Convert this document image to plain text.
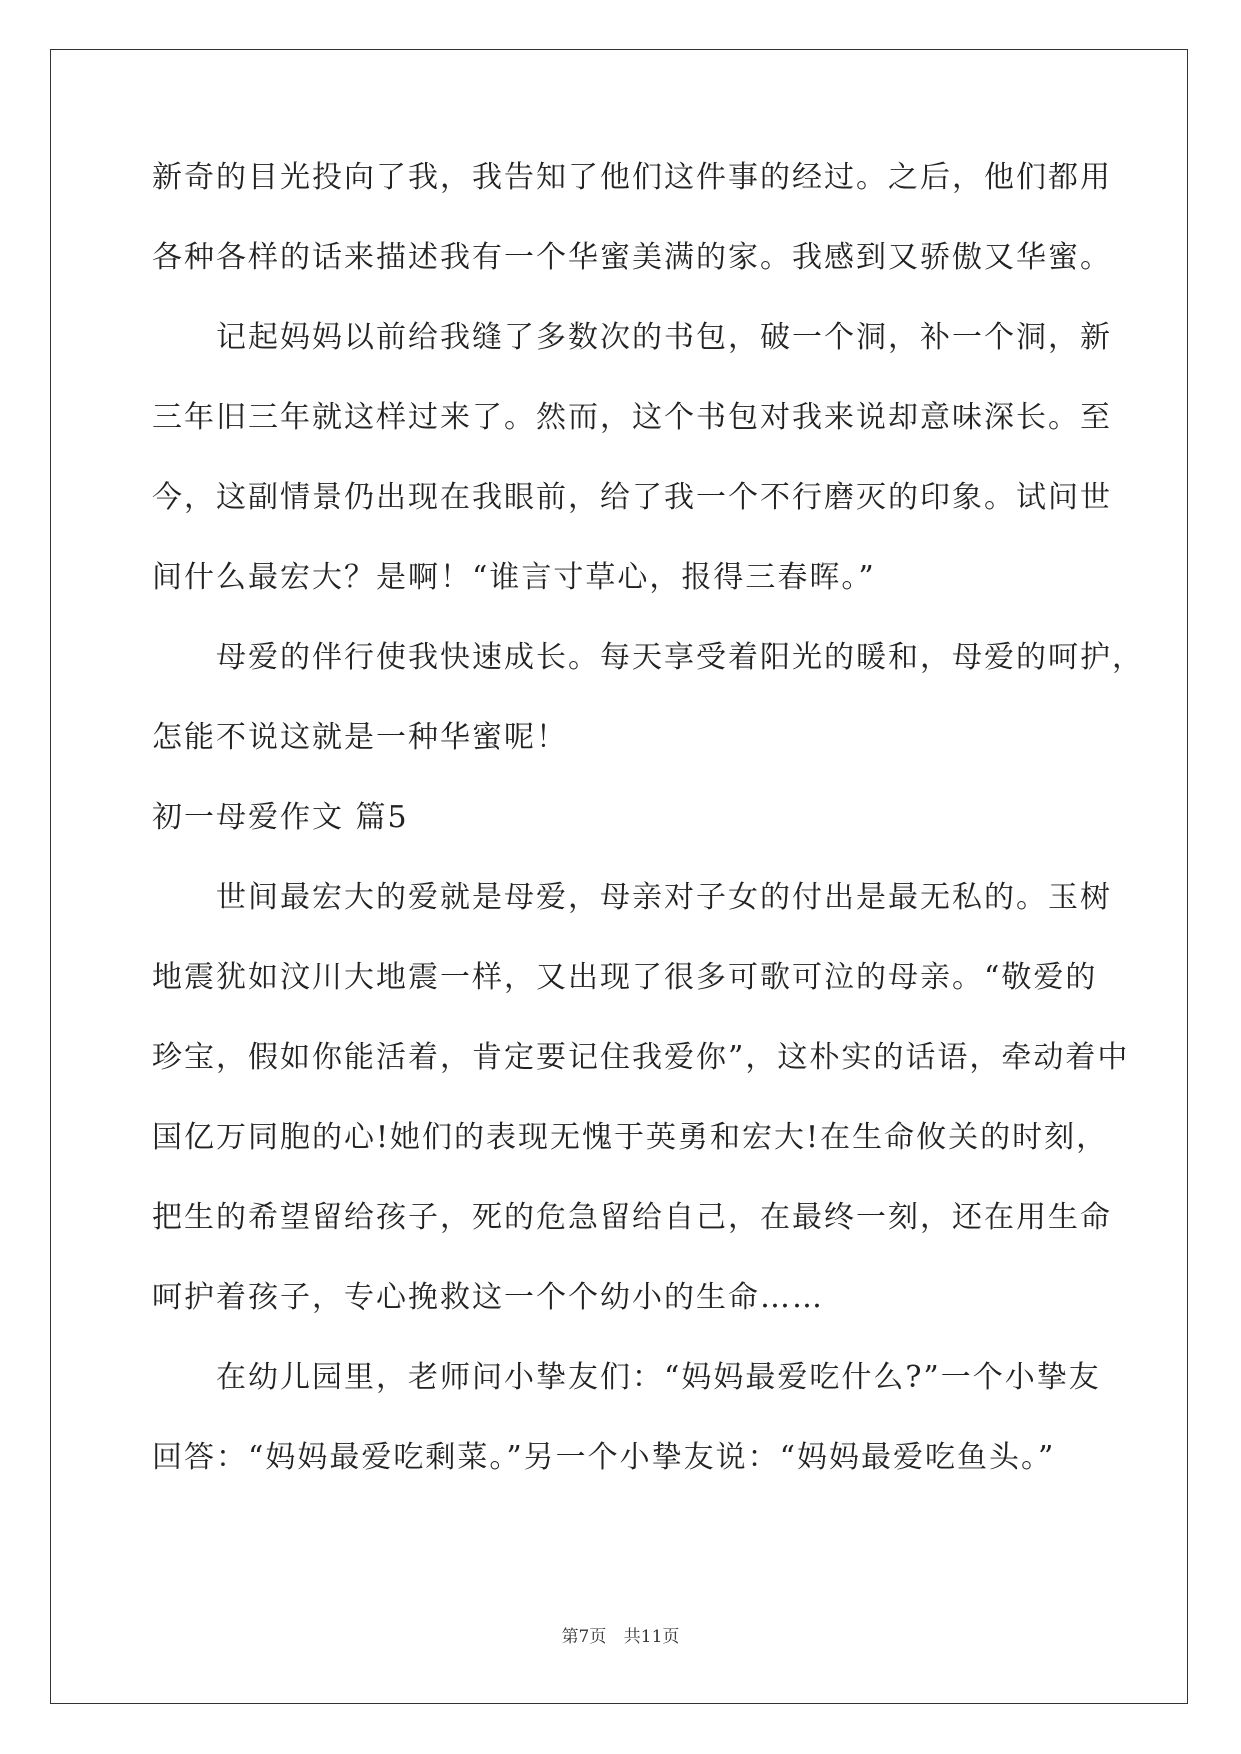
新奇的目光投向了我，我告知了他们这件事的经过。之后，他们都用
各种各样的话来描述我有一个华蜜美满的家。我感到又骄傲又华蜜。
记起妈妈以前给我缝了多数次的书包，破一个洞，补一个洞，新
三年旧三年就这样过来了。然而，这个书包对我来说却意味深长。至
今，这副情景仍出现在我眼前，给了我一个不行磨灭的印象。试问世
间什么最宏大？是啊！“谁言寸草心，报得三春晖。”
母爱的伴行使我快速成长。每天享受着阳光的暖和，母爱的呵护，
怎能不说这就是一种华蜜呢！
初一母爱作文 篇5
世间最宏大的爱就是母爱，母亲对子女的付出是最无私的。玉树
地震犹如汶川大地震一样，又出现了很多可歌可泣的母亲。“敬爱的
珍宝，假如你能活着，肯定要记住我爱你”，这朴实的话语，牵动着中
国亿万同胞的心!她们的表现无愧于英勇和宏大!在生命攸关的时刻，
把生的希望留给孩子，死的危急留给自己，在最终一刻，还在用生命
呵护着孩子，专心挽救这一个个幼小的生命……
在幼儿园里，老师问小挚友们：“妈妈最爱吃什么?”一个小挚友
回答：“妈妈最爱吃剩菜。”另一个小挚友说：“妈妈最爱吃鱼头。”
第7页 共11页
